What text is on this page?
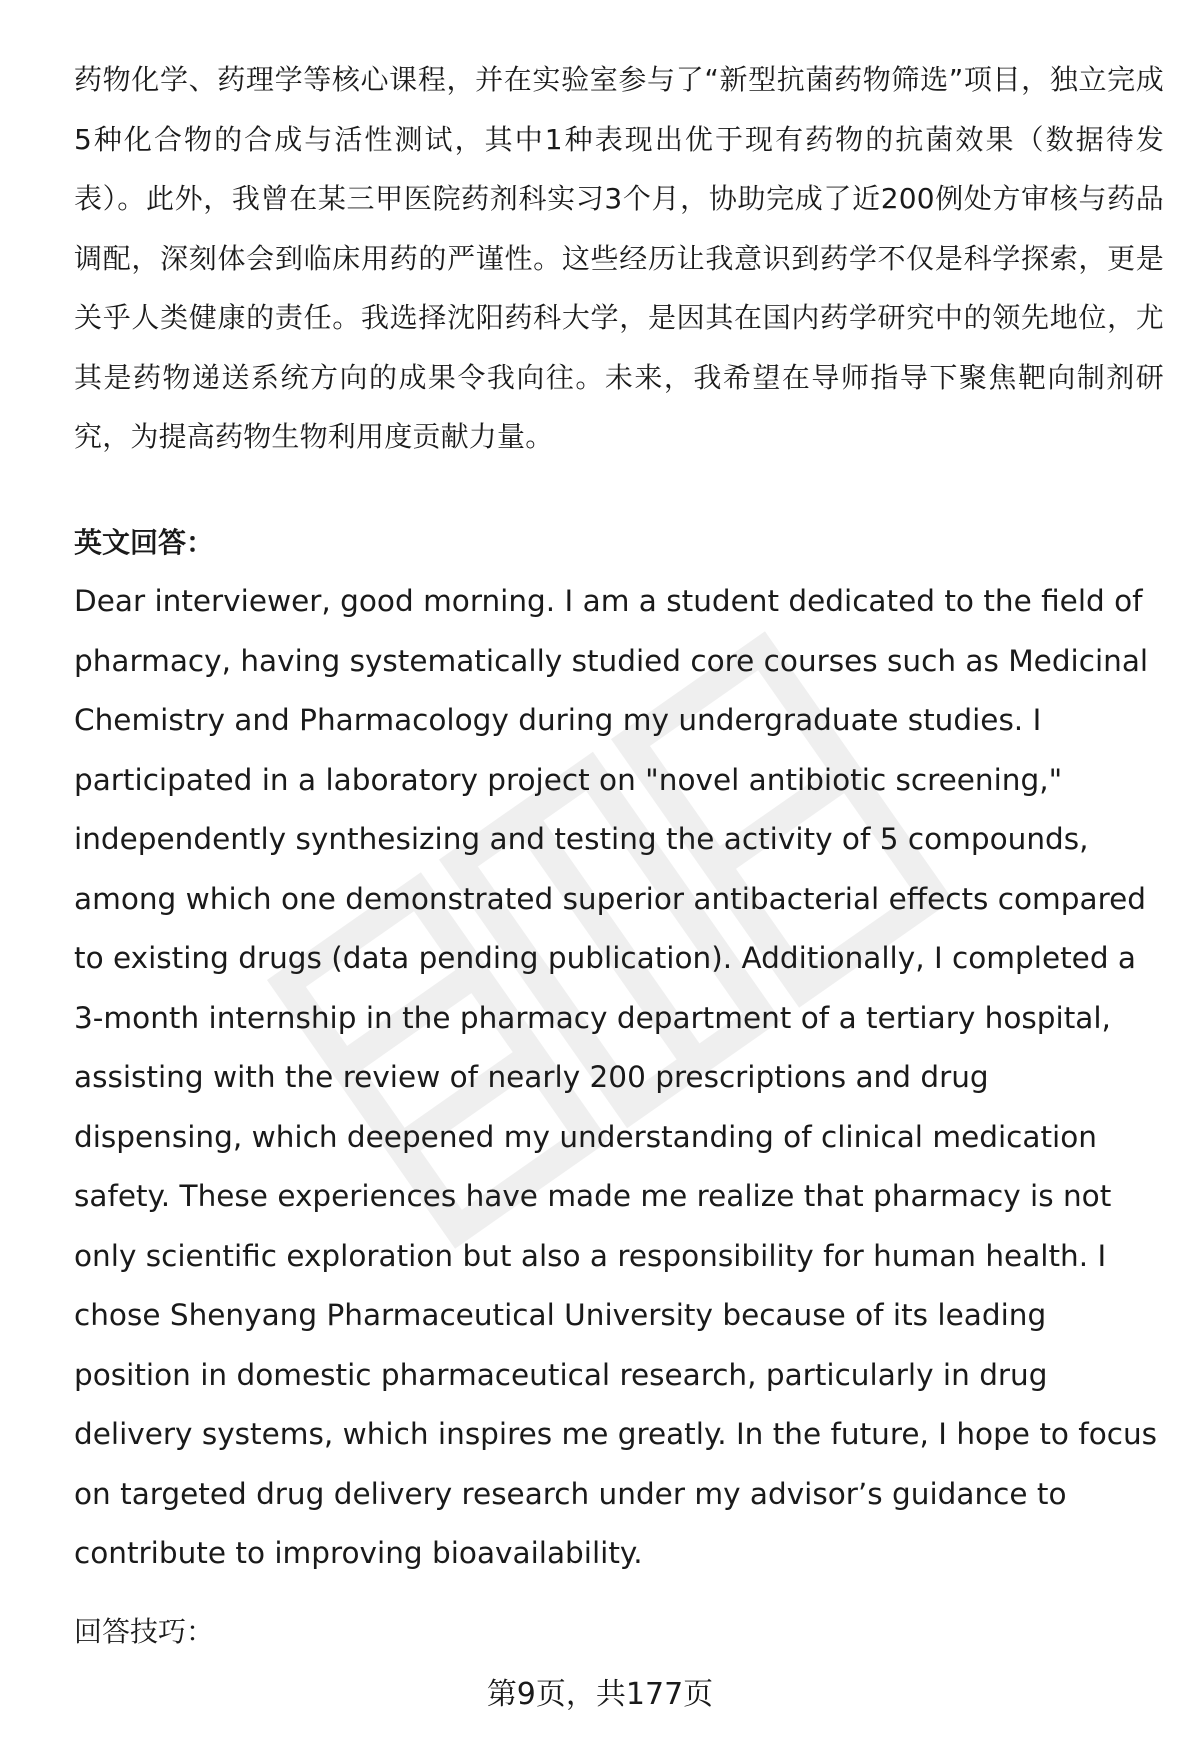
药物化学、药理学等核心课程，并在实验室参与了“新型抗菌药物筛选”项目，独立完成5种化合物的合成与活性测试，其中1种表现出优于现有药物的抗菌效果（数据待发表）。此外，我曾在某三甲医院药剂科实习3个月，协助完成了近200例处方审核与药品调配，深刻体会到临床用药的严谨性。这些经历让我意识到药学不仅是科学探索，更是关乎人类健康的责任。我选择沈阳药科大学，是因其在国内药学研究中的领先地位，尤其是药物递送系统方向的成果令我向往。未来，我希望在导师指导下聚焦靶向制剂研究，为提高药物生物利用度贡献力量。

英文回答：

Dear interviewer, good morning. I am a student dedicated to the field of pharmacy, having systematically studied core courses such as Medicinal Chemistry and Pharmacology during my undergraduate studies. I participated in a laboratory project on "novel antibiotic screening," independently synthesizing and testing the activity of 5 compounds, among which one demonstrated superior antibacterial effects compared to existing drugs (data pending publication). Additionally, I completed a 3-month internship in the pharmacy department of a tertiary hospital, assisting with the review of nearly 200 prescriptions and drug dispensing, which deepened my understanding of clinical medication safety. These experiences have made me realize that pharmacy is not only scientific exploration but also a responsibility for human health. I chose Shenyang Pharmaceutical University because of its leading position in domestic pharmaceutical research, particularly in drug delivery systems, which inspires me greatly. In the future, I hope to focus on targeted drug delivery research under my advisor’s guidance to contribute to improving bioavailability.

回答技巧：

第9页，共177页
